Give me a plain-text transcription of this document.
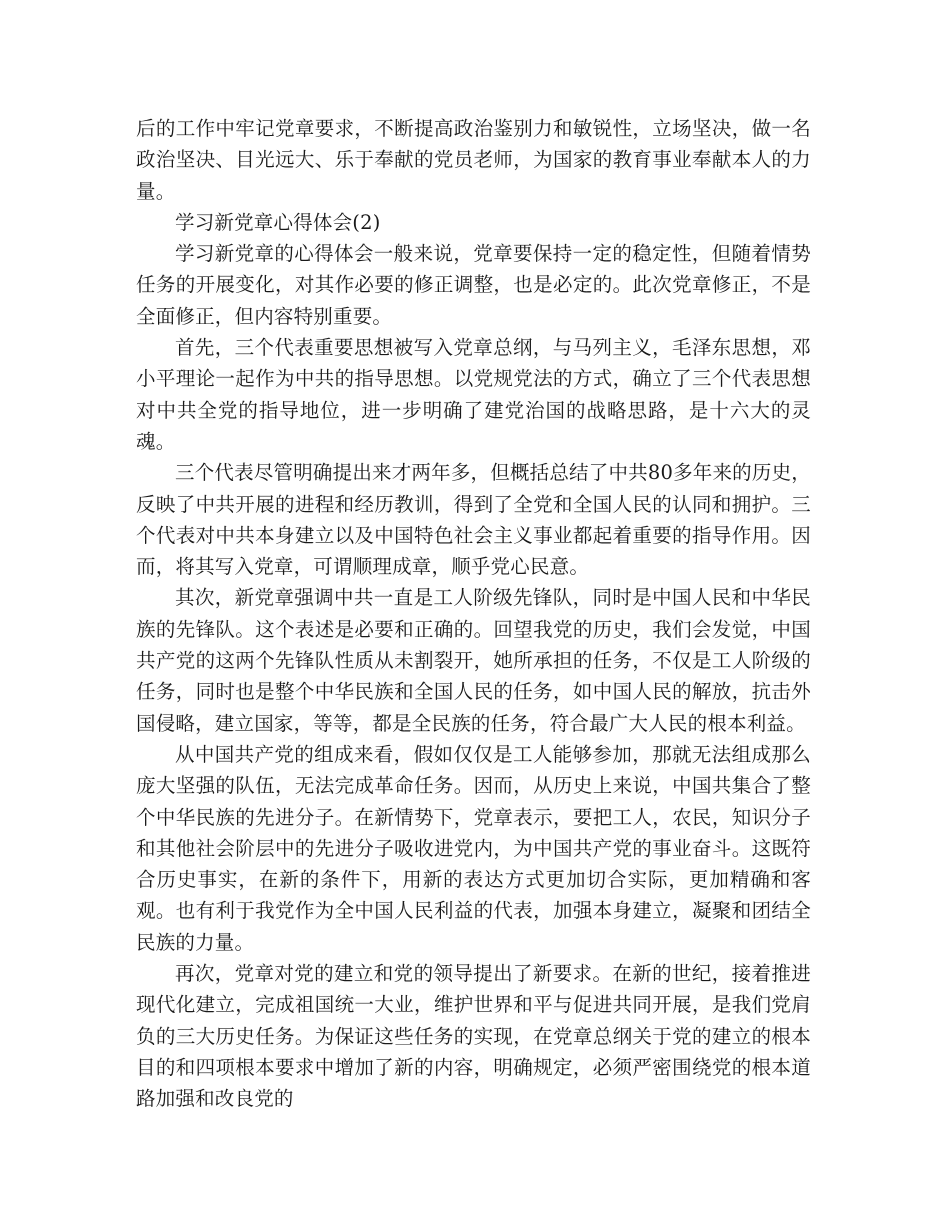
后的工作中牢记党章要求，不断提高政治鉴别力和敏锐性，立场坚决，做一名政治坚决、目光远大、乐于奉献的党员老师，为国家的教育事业奉献本人的力量。

学习新党章心得体会(2)

学习新党章的心得体会一般来说，党章要保持一定的稳定性，但随着情势任务的开展变化，对其作必要的修正调整，也是必定的。此次党章修正，不是全面修正，但内容特别重要。

首先，三个代表重要思想被写入党章总纲，与马列主义，毛泽东思想，邓小平理论一起作为中共的指导思想。以党规党法的方式，确立了三个代表思想对中共全党的指导地位，进一步明确了建党治国的战略思路，是十六大的灵魂。

三个代表尽管明确提出来才两年多，但概括总结了中共80多年来的历史，反映了中共开展的进程和经历教训，得到了全党和全国人民的认同和拥护。三个代表对中共本身建立以及中国特色社会主义事业都起着重要的指导作用。因而，将其写入党章，可谓顺理成章，顺乎党心民意。

其次，新党章强调中共一直是工人阶级先锋队，同时是中国人民和中华民族的先锋队。这个表述是必要和正确的。回望我党的历史，我们会发觉，中国共产党的这两个先锋队性质从未割裂开，她所承担的任务，不仅是工人阶级的任务，同时也是整个中华民族和全国人民的任务，如中国人民的解放，抗击外国侵略，建立国家，等等，都是全民族的任务，符合最广大人民的根本利益。

从中国共产党的组成来看，假如仅仅是工人能够参加，那就无法组成那么庞大坚强的队伍，无法完成革命任务。因而，从历史上来说，中国共集合了整个中华民族的先进分子。在新情势下，党章表示，要把工人，农民，知识分子和其他社会阶层中的先进分子吸收进党内，为中国共产党的事业奋斗。这既符合历史事实，在新的条件下，用新的表达方式更加切合实际，更加精确和客观。也有利于我党作为全中国人民利益的代表，加强本身建立，凝聚和团结全民族的力量。

再次，党章对党的建立和党的领导提出了新要求。在新的世纪，接着推进现代化建立，完成祖国统一大业，维护世界和平与促进共同开展，是我们党肩负的三大历史任务。为保证这些任务的实现，在党章总纲关于党的建立的根本目的和四项根本要求中增加了新的内容，明确规定，必须严密围绕党的根本道路加强和改良党的
